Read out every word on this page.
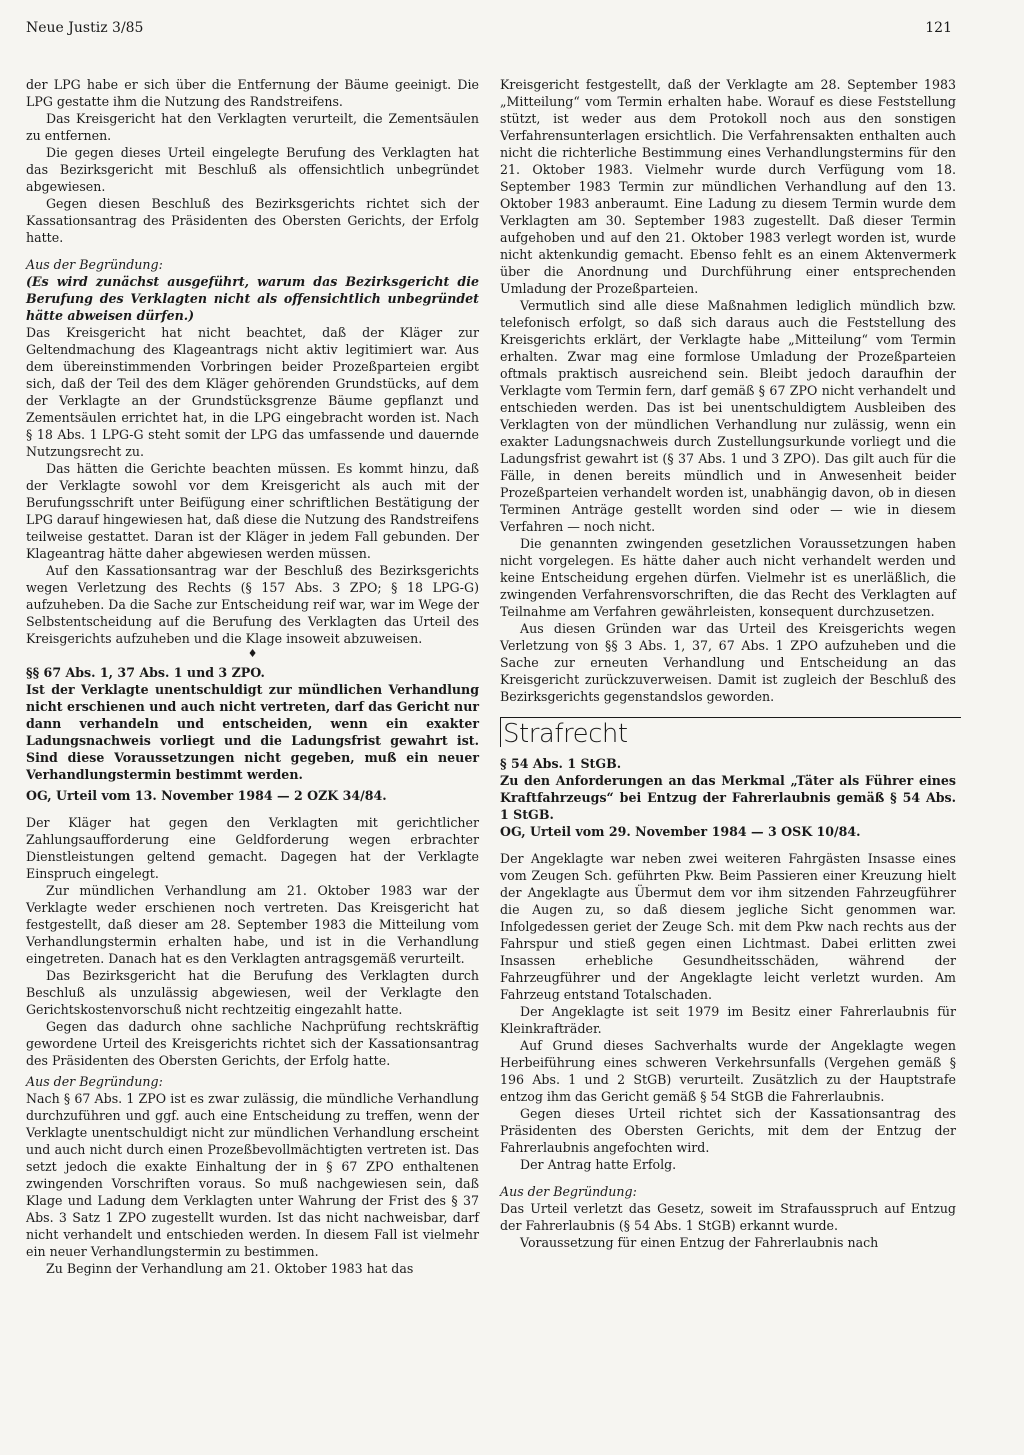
Neue Justiz 3/85	121

der LPG habe er sich über die Entfernung der Bäume geeinigt. Die LPG gestatte ihm die Nutzung des Randstreifens.

Das Kreisgericht hat den Verklagten verurteilt, die Zementsäulen zu entfernen.

Die gegen dieses Urteil eingelegte Berufung des Verklagten hat das Bezirksgericht mit Beschluß als offensichtlich unbegründet abgewiesen.

Gegen diesen Beschluß des Bezirksgerichts richtet sich der Kassationsantrag des Präsidenten des Obersten Gerichts, der Erfolg hatte.

Aus der Begründung:

(Es wird zunächst ausgeführt, warum das Bezirksgericht die Berufung des Verklagten nicht als offensichtlich unbegründet hätte abweisen dürfen.)

Das Kreisgericht hat nicht beachtet, daß der Kläger zur Geltendmachung des Klageantrags nicht aktiv legitimiert war. Aus dem übereinstimmenden Vorbringen beider Prozeßparteien ergibt sich, daß der Teil des dem Kläger gehörenden Grundstücks, auf dem der Verklagte an der Grundstücksgrenze Bäume gepflanzt und Zementsäulen errichtet hat, in die LPG eingebracht worden ist. Nach § 18 Abs. 1 LPG-G steht somit der LPG das umfassende und dauernde Nutzungsrecht zu.

Das hätten die Gerichte beachten müssen. Es kommt hinzu, daß der Verklagte sowohl vor dem Kreisgericht als auch mit der Berufungsschrift unter Beifügung einer schriftlichen Bestätigung der LPG darauf hingewiesen hat, daß diese die Nutzung des Randstreifens teilweise gestattet. Daran ist der Kläger in jedem Fall gebunden. Der Klageantrag hätte daher abgewiesen werden müssen.

Auf den Kassationsantrag war der Beschluß des Bezirksgerichts wegen Verletzung des Rechts (§ 157 Abs. 3 ZPO; § 18 LPG-G) aufzuheben. Da die Sache zur Entscheidung reif war, war im Wege der Selbstentscheidung auf die Berufung des Verklagten das Urteil des Kreisgerichts aufzuheben und die Klage insoweit abzuweisen.

♦

§§ 67 Abs. 1, 37 Abs. 1 und 3 ZPO.

Ist der Verklagte unentschuldigt zur mündlichen Verhandlung nicht erschienen und auch nicht vertreten, darf das Gericht nur dann verhandeln und entscheiden, wenn ein exakter Ladungsnachweis vorliegt und die Ladungsfrist gewahrt ist. Sind diese Voraussetzungen nicht gegeben, muß ein neuer Verhandlungstermin bestimmt werden.

OG, Urteil vom 13. November 1984 — 2 OZK 34/84.

Der Kläger hat gegen den Verklagten mit gerichtlicher Zahlungsaufforderung eine Geldforderung wegen erbrachter Dienstleistungen geltend gemacht. Dagegen hat der Verklagte Einspruch eingelegt.

Zur mündlichen Verhandlung am 21. Oktober 1983 war der Verklagte weder erschienen noch vertreten. Das Kreisgericht hat festgestellt, daß dieser am 28. September 1983 die Mitteilung vom Verhandlungstermin erhalten habe, und ist in die Verhandlung eingetreten. Danach hat es den Verklagten antragsgemäß verurteilt.

Das Bezirksgericht hat die Berufung des Verklagten durch Beschluß als unzulässig abgewiesen, weil der Verklagte den Gerichtskostenvorschuß nicht rechtzeitig eingezahlt hatte.

Gegen das dadurch ohne sachliche Nachprüfung rechtskräftig gewordene Urteil des Kreisgerichts richtet sich der Kassationsantrag des Präsidenten des Obersten Gerichts, der Erfolg hatte.

Aus der Begründung:

Nach § 67 Abs. 1 ZPO ist es zwar zulässig, die mündliche Verhandlung durchzuführen und ggf. auch eine Entscheidung zu treffen, wenn der Verklagte unentschuldigt nicht zur mündlichen Verhandlung erscheint und auch nicht durch einen Prozeßbevollmächtigten vertreten ist. Das setzt jedoch die exakte Einhaltung der in § 67 ZPO enthaltenen zwingenden Vorschriften voraus. So muß nachgewiesen sein, daß Klage und Ladung dem Verklagten unter Wahrung der Frist des § 37 Abs. 3 Satz 1 ZPO zugestellt wurden. Ist das nicht nachweisbar, darf nicht verhandelt und entschieden werden. In diesem Fall ist vielmehr ein neuer Verhandlungstermin zu bestimmen.

Zu Beginn der Verhandlung am 21. Oktober 1983 hat das

Kreisgericht festgestellt, daß der Verklagte am 28. September 1983 „Mitteilung“ vom Termin erhalten habe. Worauf es diese Feststellung stützt, ist weder aus dem Protokoll noch aus den sonstigen Verfahrensunterlagen ersichtlich. Die Verfahrensakten enthalten auch nicht die richterliche Bestimmung eines Verhandlungstermins für den 21. Oktober 1983. Vielmehr wurde durch Verfügung vom 18. September 1983 Termin zur mündlichen Verhandlung auf den 13. Oktober 1983 anberaumt. Eine Ladung zu diesem Termin wurde dem Verklagten am 30. September 1983 zugestellt. Daß dieser Termin aufgehoben und auf den 21. Oktober 1983 verlegt worden ist, wurde nicht aktenkundig gemacht. Ebenso fehlt es an einem Aktenvermerk über die Anordnung und Durchführung einer entsprechenden Umladung der Prozeßparteien.

Vermutlich sind alle diese Maßnahmen lediglich mündlich bzw. telefonisch erfolgt, so daß sich daraus auch die Feststellung des Kreisgerichts erklärt, der Verklagte habe „Mitteilung“ vom Termin erhalten. Zwar mag eine formlose Umladung der Prozeßparteien oftmals praktisch ausreichend sein. Bleibt jedoch daraufhin der Verklagte vom Termin fern, darf gemäß § 67 ZPO nicht verhandelt und entschieden werden. Das ist bei unentschuldigtem Ausbleiben des Verklagten von der mündlichen Verhandlung nur zulässig, wenn ein exakter Ladungsnachweis durch Zustellungsurkunde vorliegt und die Ladungsfrist gewahrt ist (§ 37 Abs. 1 und 3 ZPO). Das gilt auch für die Fälle, in denen bereits mündlich und in Anwesenheit beider Prozeßparteien verhandelt worden ist, unabhängig davon, ob in diesen Terminen Anträge gestellt worden sind oder — wie in diesem Verfahren — noch nicht.

Die genannten zwingenden gesetzlichen Voraussetzungen haben nicht vorgelegen. Es hätte daher auch nicht verhandelt werden und keine Entscheidung ergehen dürfen. Vielmehr ist es unerläßlich, die zwingenden Verfahrensvorschriften, die das Recht des Verklagten auf Teilnahme am Verfahren gewährleisten, konsequent durchzusetzen.

Aus diesen Gründen war das Urteil des Kreisgerichts wegen Verletzung von §§ 3 Abs. 1, 37, 67 Abs. 1 ZPO aufzuheben und die Sache zur erneuten Verhandlung und Entscheidung an das Kreisgericht zurückzuverweisen. Damit ist zugleich der Beschluß des Bezirksgerichts gegenstandslos geworden.

Strafrecht

§ 54 Abs. 1 StGB.

Zu den Anforderungen an das Merkmal „Täter als Führer eines Kraftfahrzeugs“ bei Entzug der Fahrerlaubnis gemäß § 54 Abs. 1 StGB.

OG, Urteil vom 29. November 1984 — 3 OSK 10/84.

Der Angeklagte war neben zwei weiteren Fahrgästen Insasse eines vom Zeugen Sch. geführten Pkw. Beim Passieren einer Kreuzung hielt der Angeklagte aus Übermut dem vor ihm sitzenden Fahrzeugführer die Augen zu, so daß diesem jegliche Sicht genommen war. Infolgedessen geriet der Zeuge Sch. mit dem Pkw nach rechts aus der Fahrspur und stieß gegen einen Lichtmast. Dabei erlitten zwei Insassen erhebliche Gesundheitsschäden, während der Fahrzeugführer und der Angeklagte leicht verletzt wurden. Am Fahrzeug entstand Totalschaden.

Der Angeklagte ist seit 1979 im Besitz einer Fahrerlaubnis für Kleinkrafträder.

Auf Grund dieses Sachverhalts wurde der Angeklagte wegen Herbeiführung eines schweren Verkehrsunfalls (Vergehen gemäß § 196 Abs. 1 und 2 StGB) verurteilt. Zusätzlich zu der Hauptstrafe entzog ihm das Gericht gemäß § 54 StGB die Fahrerlaubnis.

Gegen dieses Urteil richtet sich der Kassationsantrag des Präsidenten des Obersten Gerichts, mit dem der Entzug der Fahrerlaubnis angefochten wird.

Der Antrag hatte Erfolg.

Aus der Begründung:

Das Urteil verletzt das Gesetz, soweit im Strafausspruch auf Entzug der Fahrerlaubnis (§ 54 Abs. 1 StGB) erkannt wurde.

Voraussetzung für einen Entzug der Fahrerlaubnis nach
